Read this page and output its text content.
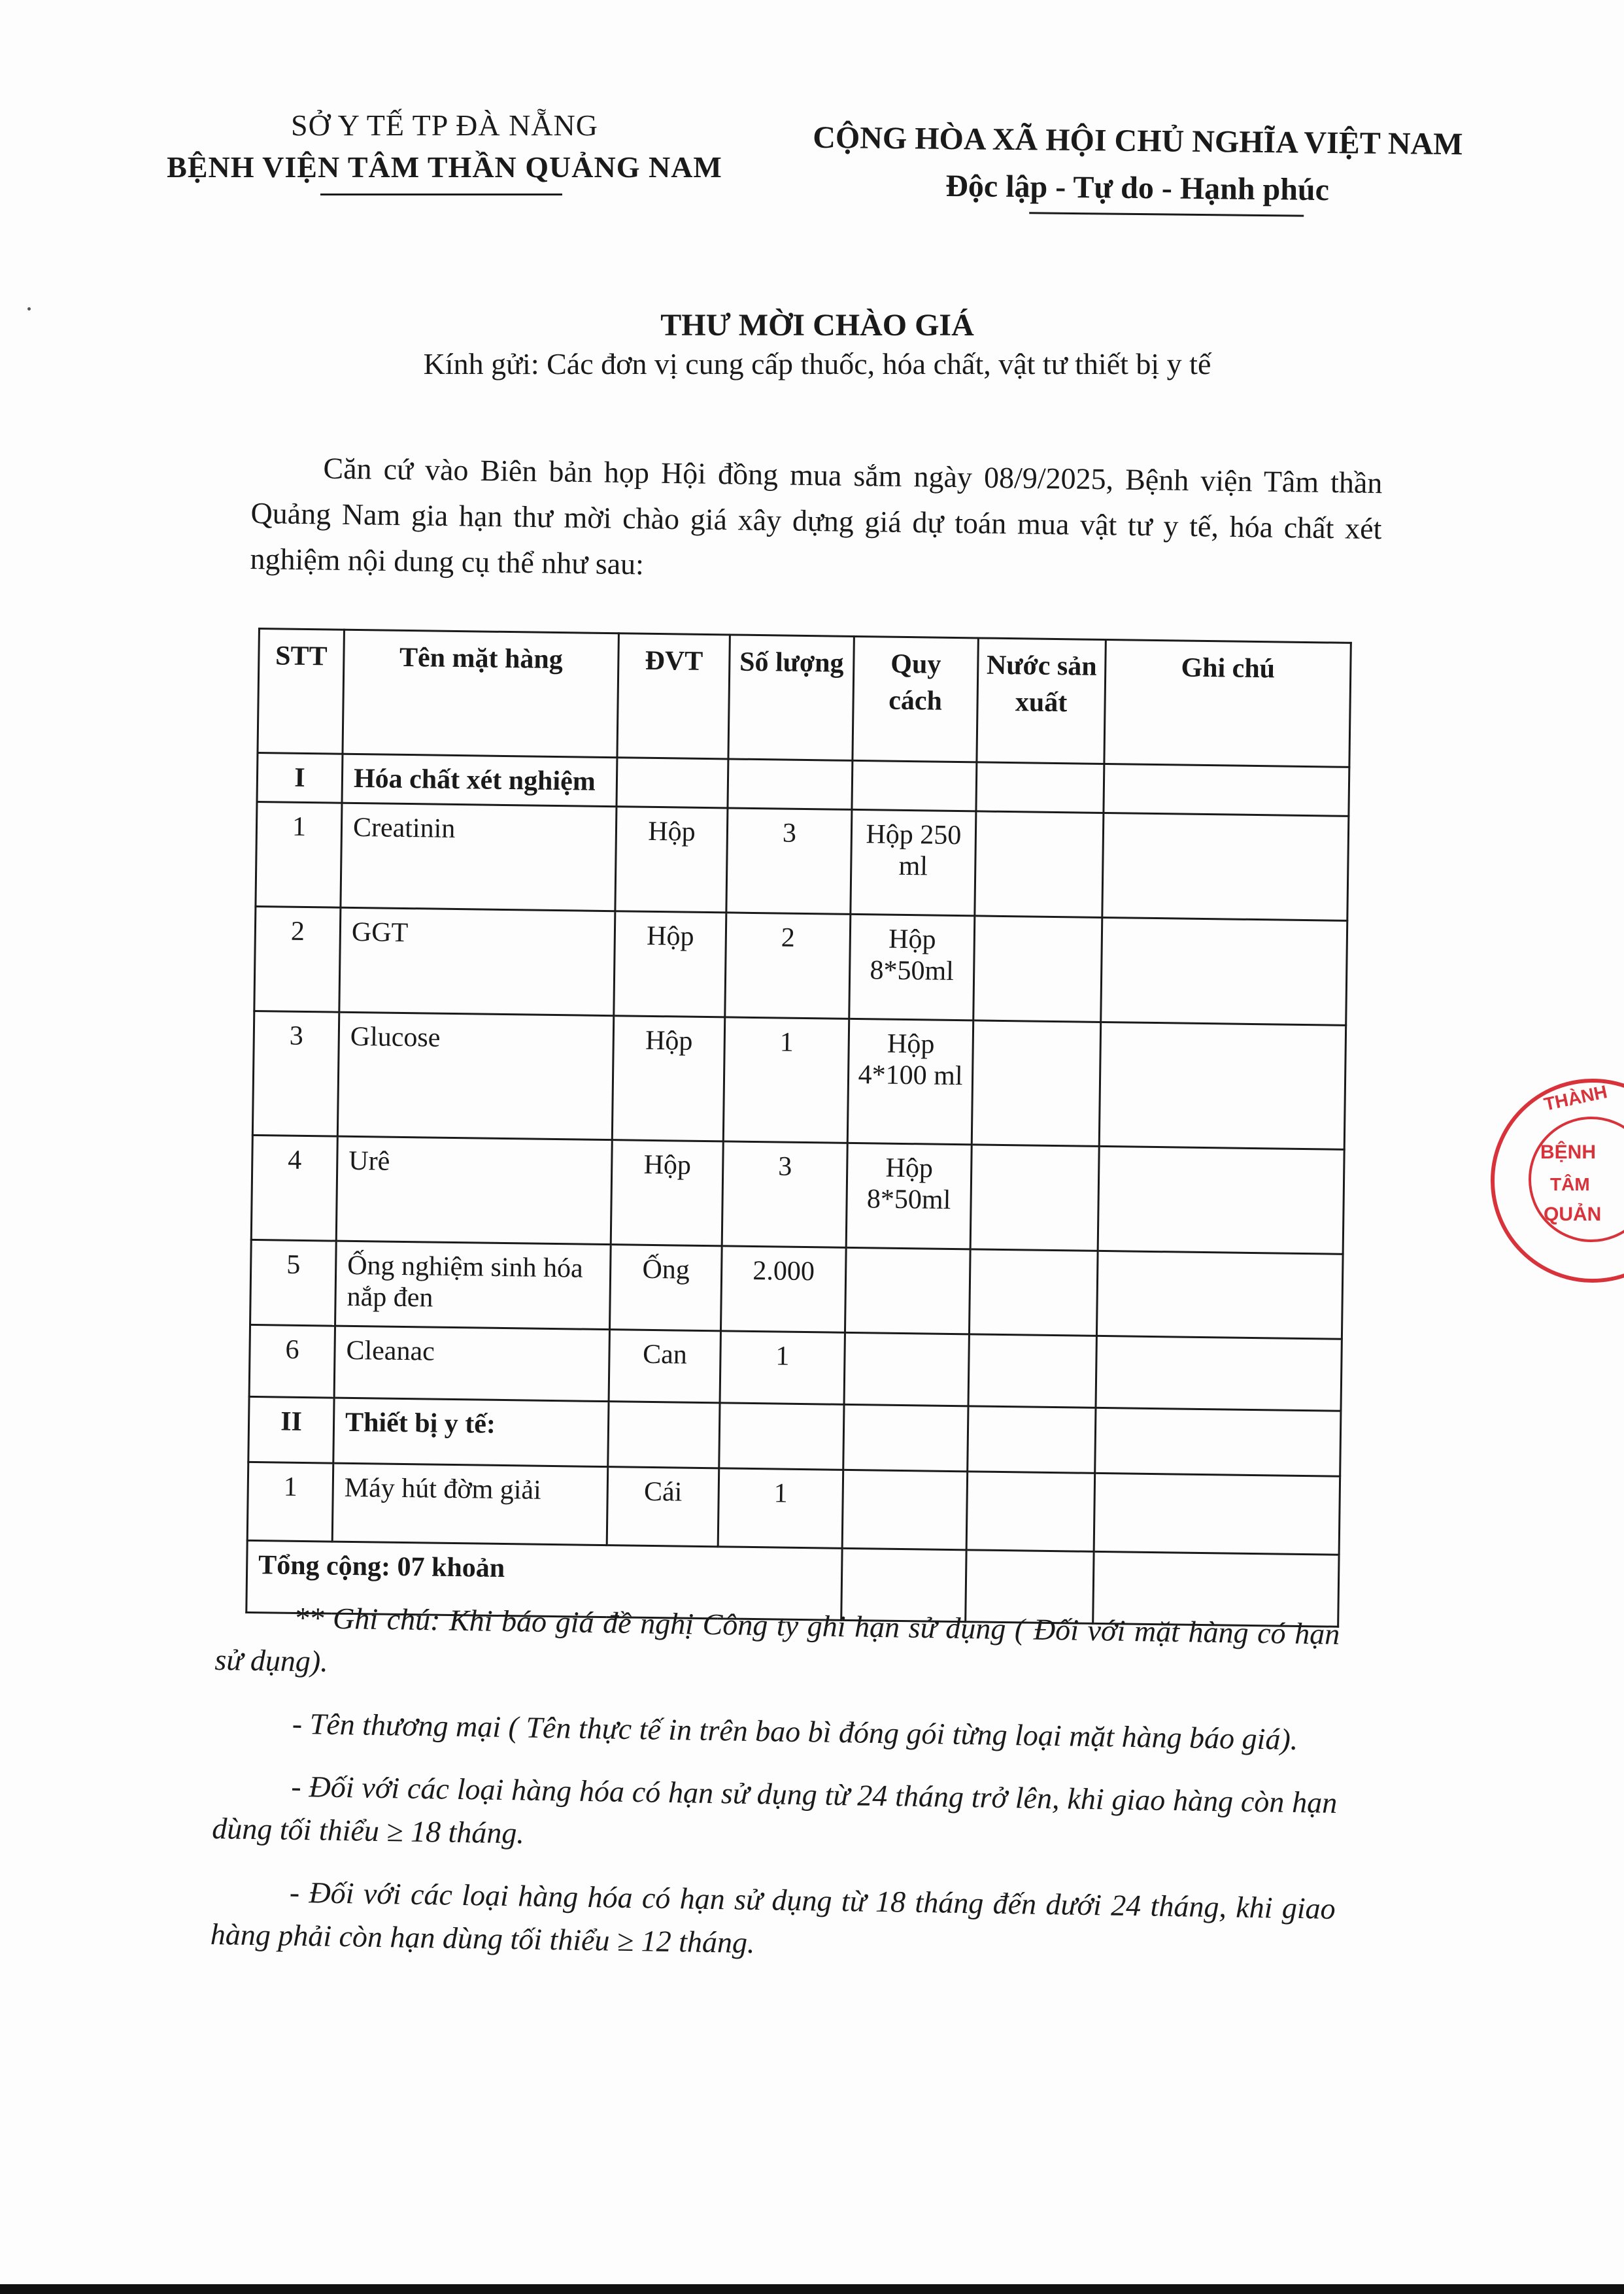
SỞ Y TẾ TP ĐÀ NẴNG
BỆNH VIỆN TÂM THẦN QUẢNG NAM
CỘNG HÒA XÃ HỘI CHỦ NGHĨA VIỆT NAM
Độc lập - Tự do - Hạnh phúc
THƯ MỜI CHÀO GIÁ
Kính gửi: Các đơn vị cung cấp thuốc, hóa chất, vật tư thiết bị y tế
Căn cứ vào Biên bản họp Hội đồng mua sắm ngày 08/9/2025, Bệnh viện Tâm thần Quảng Nam gia hạn thư mời chào giá xây dựng giá dự toán mua vật tư y tế, hóa chất xét nghiệm nội dung cụ thể như sau:
STT	Tên mặt hàng	ĐVT	Số lượng	Quy cách	Nước sản xuất	Ghi chú
I	Hóa chất xét nghiệm					
1	Creatinin	Hộp	3	Hộp 250 ml		
2	GGT	Hộp	2	Hộp 8*50ml		
3	Glucose	Hộp	1	Hộp 4*100 ml		
4	Urê	Hộp	3	Hộp 8*50ml		
5	Ống nghiệm sinh hóa nắp đen	Ống	2.000			
6	Cleanac	Can	1			
II	Thiết bị y tế:					
1	Máy hút đờm giải	Cái	1			
Tổng cộng: 07 khoản						

** Ghi chú: Khi báo giá đề nghị Công ty ghi hạn sử dụng ( Đối với mặt hàng có hạn sử dụng).

- Tên thương mại ( Tên thực tế in trên bao bì đóng gói từng loại mặt hàng báo giá).

- Đối với các loại hàng hóa có hạn sử dụng từ 24 tháng trở lên, khi giao hàng còn hạn dùng tối thiểu ≥ 18 tháng.

- Đối với các loại hàng hóa có hạn sử dụng từ 18 tháng đến dưới 24 tháng, khi giao hàng phải còn hạn dùng tối thiểu ≥ 12 tháng.

THÀNH
BỆNH
TÂM
QUẢN
